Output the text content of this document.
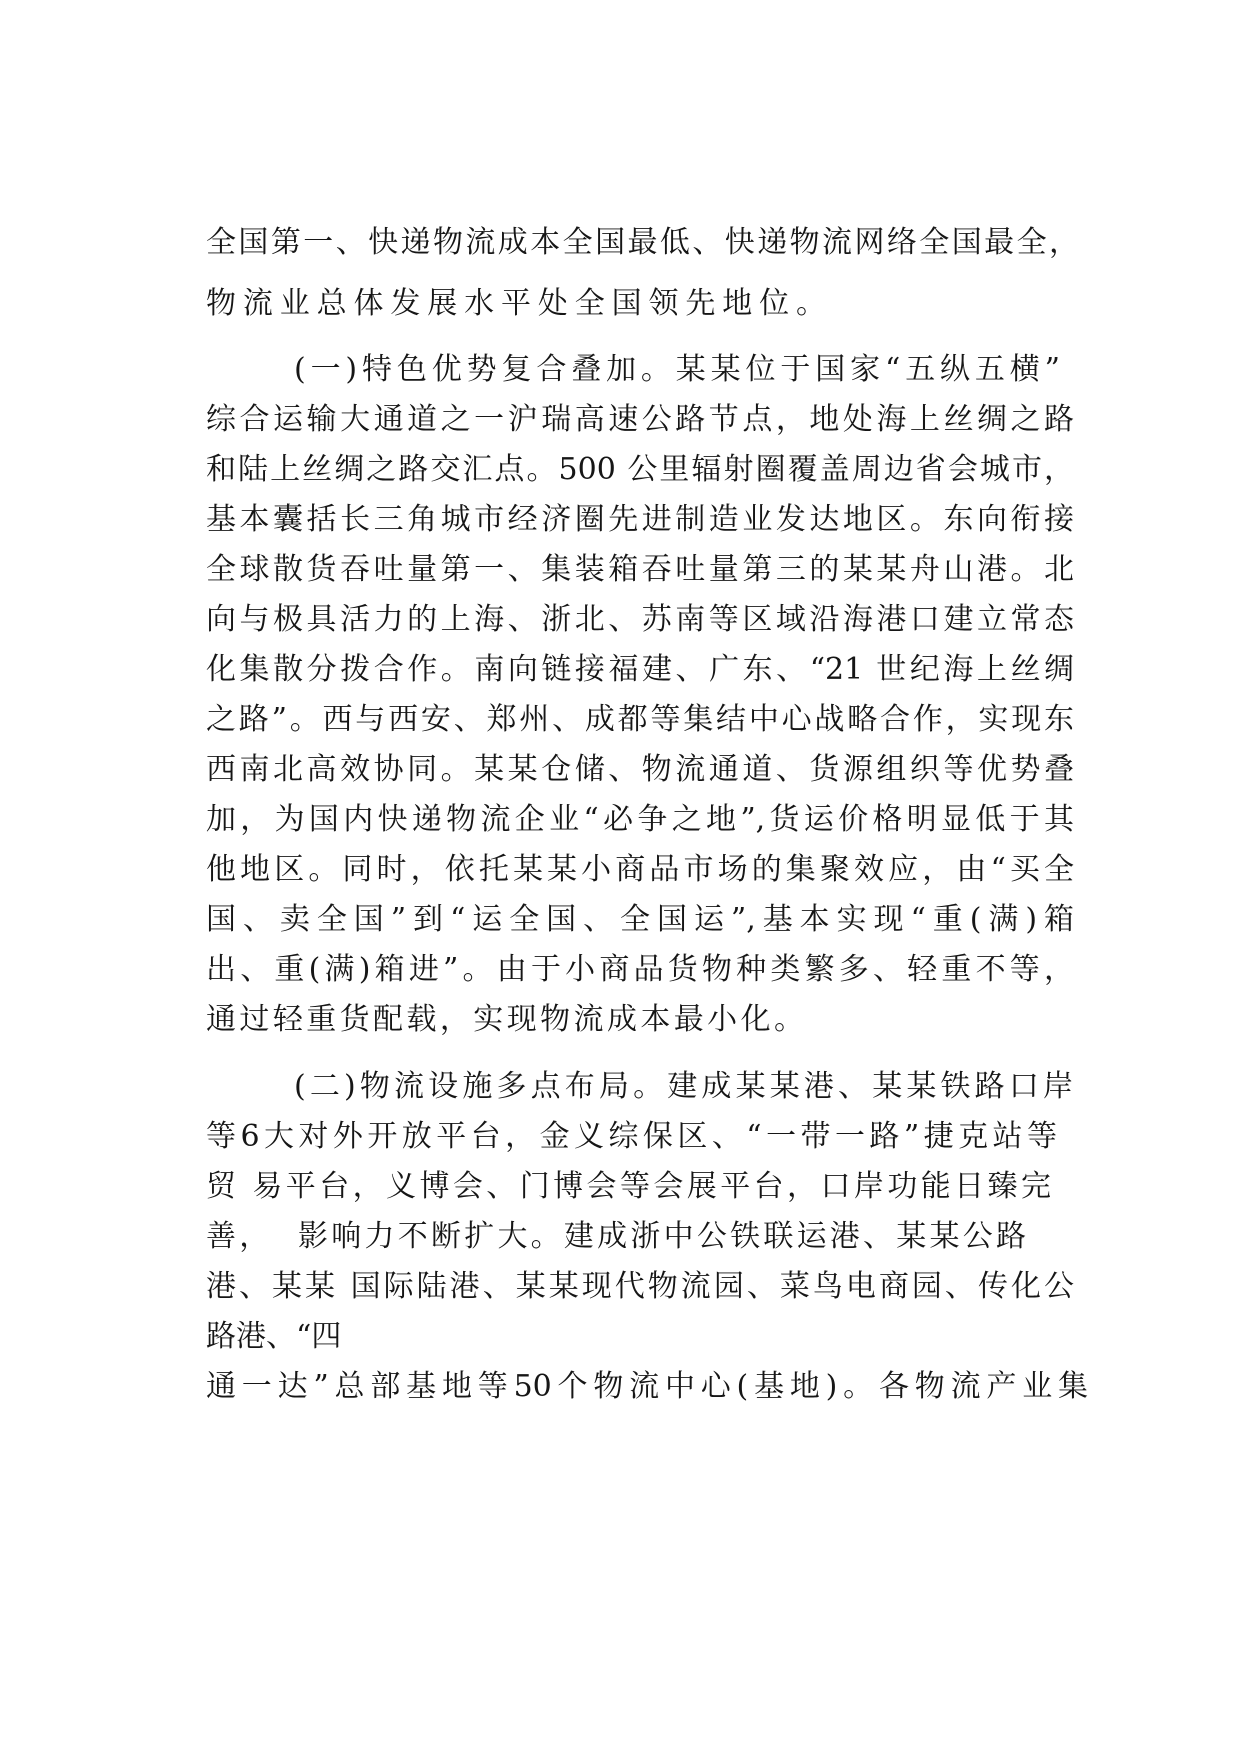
全国第一、快递物流成本全国最低、快递物流网络全国最全，
物流业总体发展水平处全国领先地位。
(一)特色优势复合叠加。某某位于国家“五纵五横”
综合运输大通道之一沪瑞高速公路节点，地处海上丝绸之路
和陆上丝绸之路交汇点。500 公里辐射圈覆盖周边省会城市，
基本囊括长三角城市经济圈先进制造业发达地区。东向衔接
全球散货吞吐量第一、集装箱吞吐量第三的某某舟山港。北
向与极具活力的上海、浙北、苏南等区域沿海港口建立常态
化集散分拨合作。南向链接福建、广东、“21 世纪海上丝绸
之路”。西与西安、郑州、成都等集结中心战略合作，实现东
西南北高效协同。某某仓储、物流通道、货源组织等优势叠
加，为国内快递物流企业“必争之地”,货运价格明显低于其
他地区。同时，依托某某小商品市场的集聚效应，由“买全
国、卖全国”到“运全国、全国运”,基本实现“重(满)箱
出、重(满)箱进”。由于小商品货物种类繁多、轻重不等，
通过轻重货配载，实现物流成本最小化。
(二)物流设施多点布局。建成某某港、某某铁路口岸
等6大对外开放平台，金义综保区、“一带一路”捷克站等
贸 易平台，义博会、门博会等会展平台，口岸功能日臻完
善，  影响力不断扩大。建成浙中公铁联运港、某某公路
港、某某 国际陆港、某某现代物流园、菜鸟电商园、传化公
路港、“四
通一达”总部基地等50个物流中心(基地)。各物流产业集
